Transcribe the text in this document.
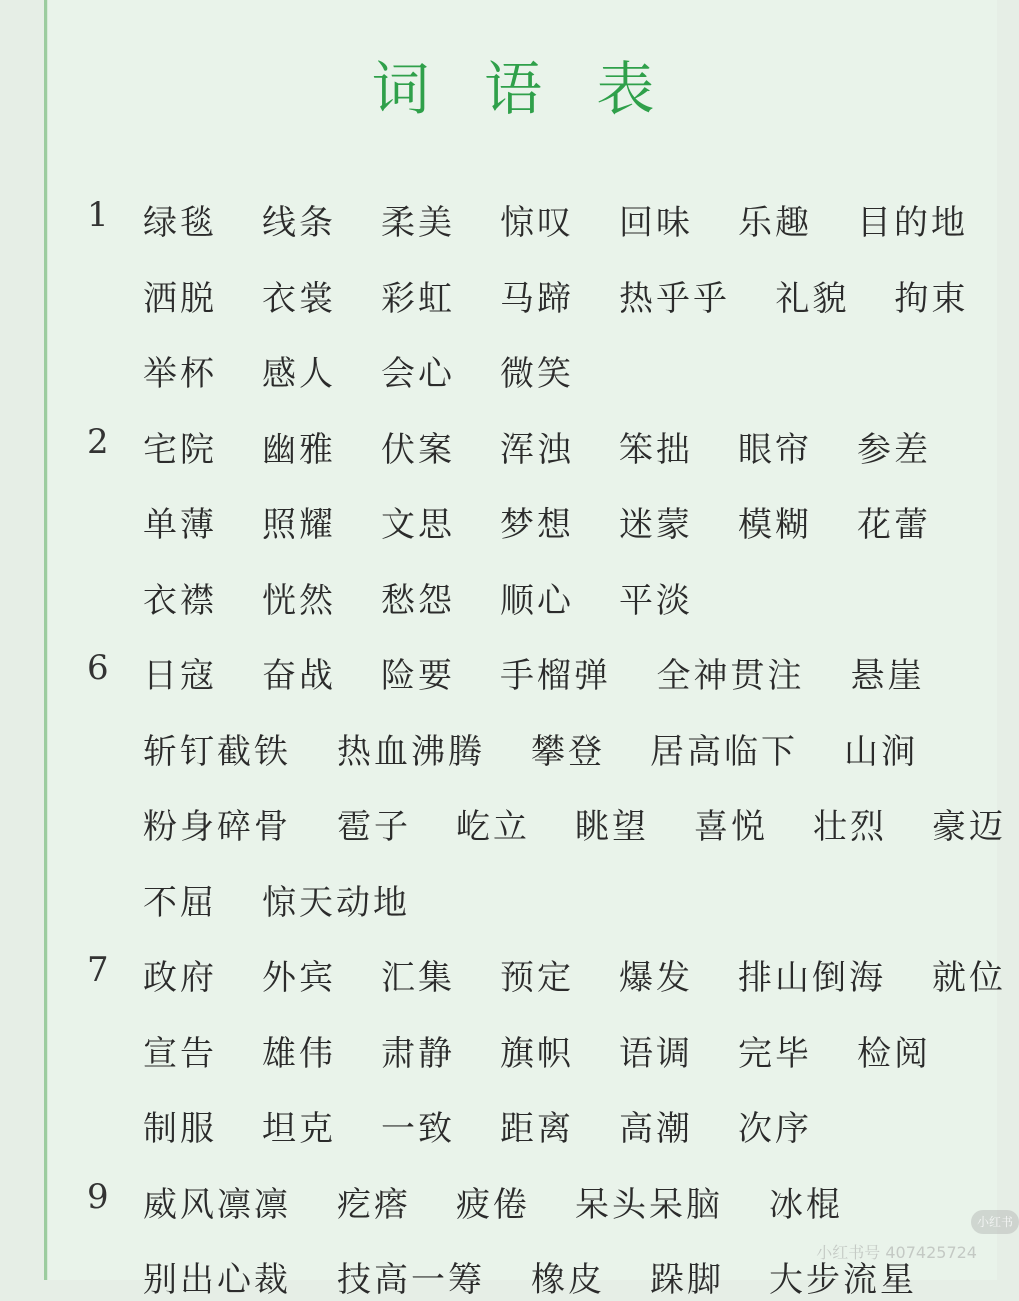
词 语 表
1 绿毯 线条 柔美 惊叹 回味 乐趣 目的地
洒脱 衣裳 彩虹 马蹄 热乎乎 礼貌 拘束
举杯 感人 会心 微笑
2 宅院 幽雅 伏案 浑浊 笨拙 眼帘 参差
单薄 照耀 文思 梦想 迷蒙 模糊 花蕾
衣襟 恍然 愁怨 顺心 平淡
6 日寇 奋战 险要 手榴弹 全神贯注 悬崖
斩钉截铁 热血沸腾 攀登 居高临下 山涧
粉身碎骨 雹子 屹立 眺望 喜悦 壮烈 豪迈
不屈 惊天动地
7 政府 外宾 汇集 预定 爆发 排山倒海 就位
宣告 雄伟 肃静 旗帜 语调 完毕 检阅
制服 坦克 一致 距离 高潮 次序
9 威风凛凛 疙瘩 疲倦 呆头呆脑 冰棍
别出心裁 技高一筹 橡皮 跺脚 大步流星
小红书
小红书号 407425724
